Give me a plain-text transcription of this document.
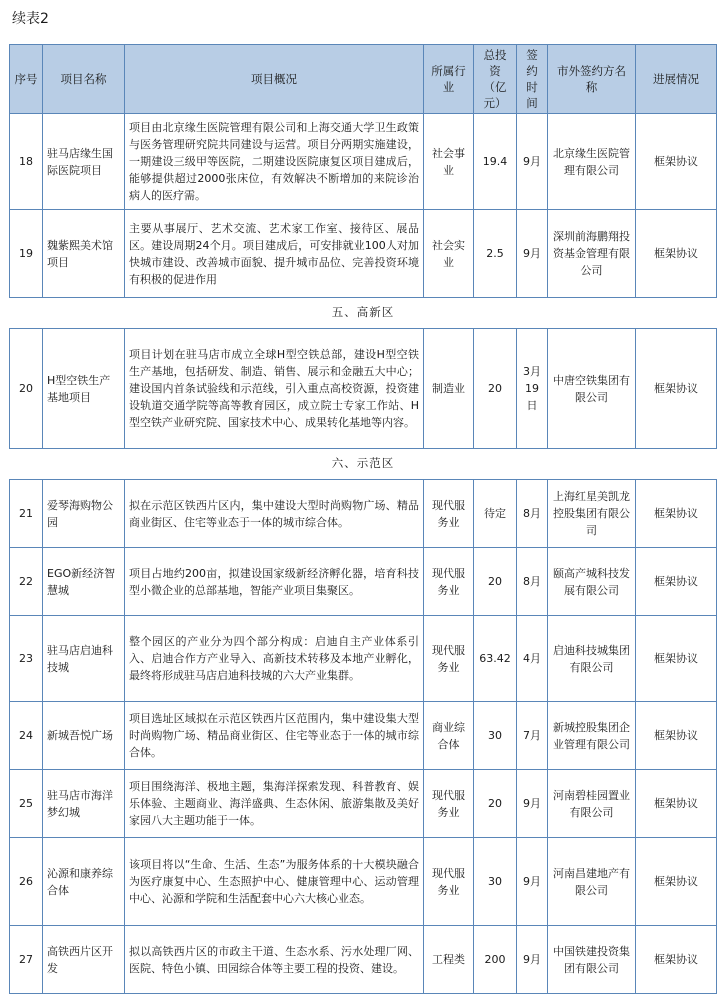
续表2
序号	项目名称	项目概况	所属行业	总投资（亿元）	签约时间	市外签约方名称	进展情况
18	驻马店缘生国际医院项目	项目由北京缘生医院管理有限公司和上海交通大学卫生政策与医务管理研究院共同建设与运营。项目分两期实施建设，一期建设三级甲等医院，二期建设医院康复区项目建成后，能够提供超过2000张床位，有效解决不断增加的来院诊治病人的医疗需。	社会事业	19.4	9月	北京缘生医院管理有限公司	框架协议
19	魏紫熙美术馆项目	主要从事展厅、艺术交流、艺术家工作室、接待区、展品区。建设周期24个月。项目建成后，可安排就业100人对加快城市建设、改善城市面貌、提升城市品位、完善投资环境有积极的促进作用	社会实业	2.5	9月	深圳前海鹏翔投资基金管理有限公司	框架协议
五、高新区							
20	H型空铁生产基地项目	项目计划在驻马店市成立全球H型空铁总部，建设H型空铁生产基地，包括研发、制造、销售、展示和金融五大中心；建设国内首条试验线和示范线，引入重点高校资源，投资建设轨道交通学院等高等教育园区，成立院士专家工作站、H型空铁产业研究院、国家技术中心、成果转化基地等内容。	制造业	20	3月19日	中唐空铁集团有限公司	框架协议
六、示范区							
21	爱琴海购物公园	拟在示范区铁西片区内，集中建设大型时尚购物广场、精品商业街区、住宅等业态于一体的城市综合体。	现代服务业	待定	8月	上海红星美凯龙控股集团有限公司	框架协议
22	EGO新经济智慧城	项目占地约200亩，拟建设国家级新经济孵化器，培育科技型小微企业的总部基地，智能产业项目集聚区。	现代服务业	20	8月	颐高产城科技发展有限公司	框架协议
23	驻马店启迪科技城	整个园区的产业分为四个部分构成：启迪自主产业体系引入、启迪合作方产业导入、高新技术转移及本地产业孵化，最终将形成驻马店启迪科技城的六大产业集群。	现代服务业	63.42	4月	启迪科技城集团有限公司	框架协议
24	新城吾悦广场	项目选址区域拟在示范区铁西片区范围内，集中建设集大型时尚购物广场、精品商业街区、住宅等业态于一体的城市综合体。	商业综合体	30	7月	新城控股集团企业管理有限公司	框架协议
25	驻马店市海洋梦幻城	项目围绕海洋、极地主题，集海洋探索发现、科普教育、娱乐体验、主题商业、海洋盛典、生态休闲、旅游集散及美好家园八大主题功能于一体。	现代服务业	20	9月	河南碧桂园置业有限公司	框架协议
26	沁源和康养综合体	该项目将以“生命、生活、生态”为服务体系的十大模块融合为医疗康复中心、生态照护中心、健康管理中心、运动管理中心、沁源和学院和生活配套中心六大核心业态。	现代服务业	30	9月	河南昌建地产有限公司	框架协议
27	高铁西片区开发	拟以高铁西片区的市政主干道、生态水系、污水处理厂网、医院、特色小镇、田园综合体等主要工程的投资、建设。	工程类	200	9月	中国铁建投资集团有限公司	框架协议
